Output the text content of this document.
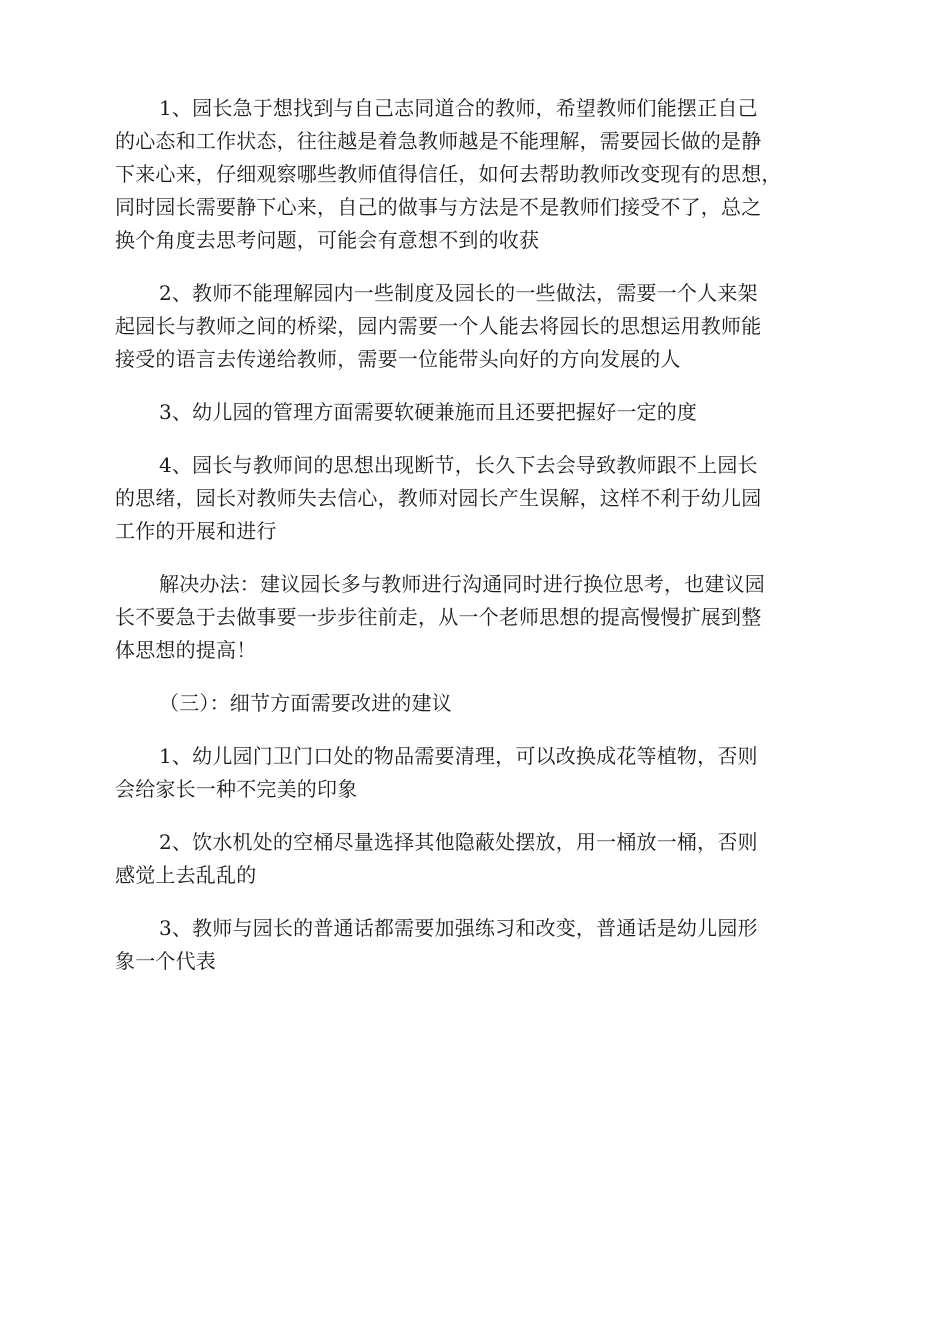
1、园长急于想找到与自己志同道合的教师，希望教师们能摆正自己
的心态和工作状态，往往越是着急教师越是不能理解，需要园长做的是静
下来心来，仔细观察哪些教师值得信任，如何去帮助教师改变现有的思想，
同时园长需要静下心来，自己的做事与方法是不是教师们接受不了，总之
换个角度去思考问题，可能会有意想不到的收获
2、教师不能理解园内一些制度及园长的一些做法，需要一个人来架
起园长与教师之间的桥梁，园内需要一个人能去将园长的思想运用教师能
接受的语言去传递给教师，需要一位能带头向好的方向发展的人
3、幼儿园的管理方面需要软硬兼施而且还要把握好一定的度
4、园长与教师间的思想出现断节，长久下去会导致教师跟不上园长
的思绪，园长对教师失去信心，教师对园长产生误解，这样不利于幼儿园
工作的开展和进行
解决办法：建议园长多与教师进行沟通同时进行换位思考，也建议园
长不要急于去做事要一步步往前走，从一个老师思想的提高慢慢扩展到整
体思想的提高！
（三）：细节方面需要改进的建议
1、幼儿园门卫门口处的物品需要清理，可以改换成花等植物，否则
会给家长一种不完美的印象
2、饮水机处的空桶尽量选择其他隐蔽处摆放，用一桶放一桶，否则
感觉上去乱乱的
3、教师与园长的普通话都需要加强练习和改变，普通话是幼儿园形
象一个代表
